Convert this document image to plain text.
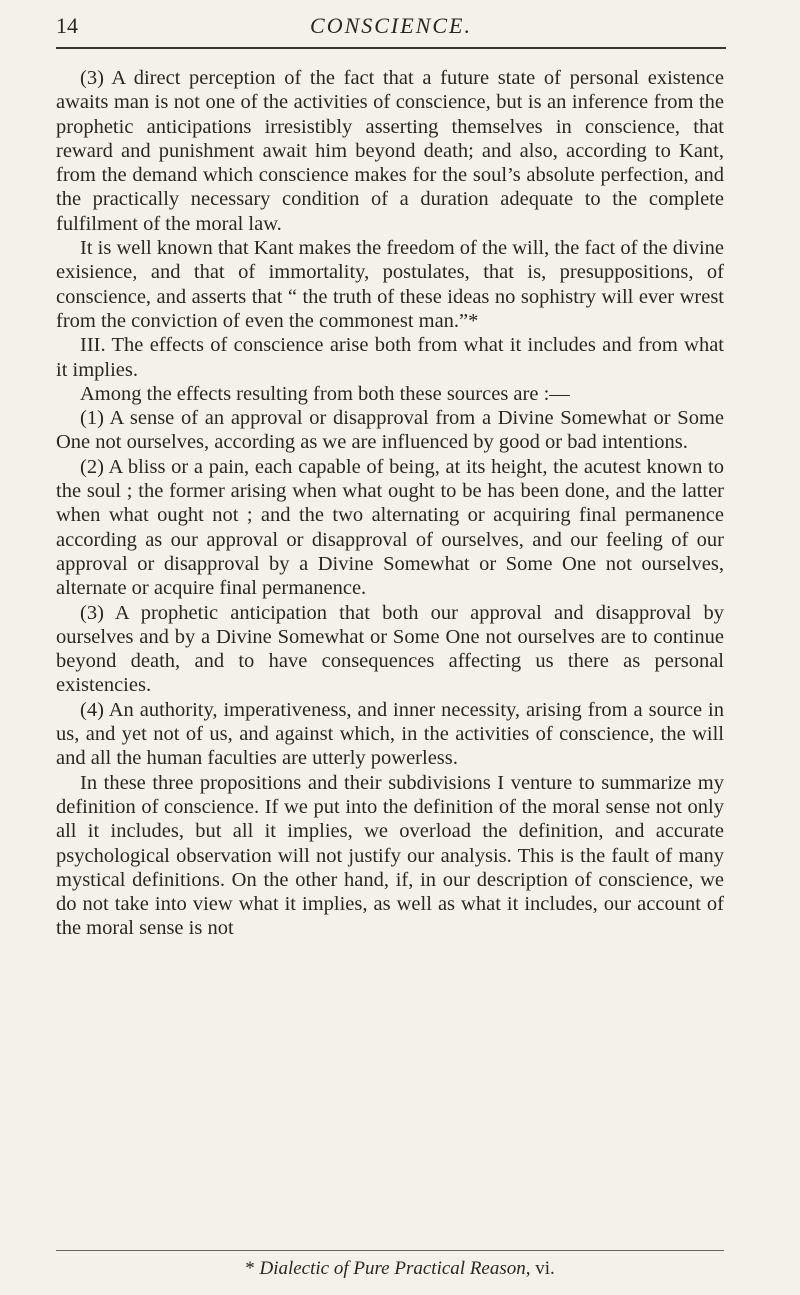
14	CONSCIENCE.

(3) A direct perception of the fact that a future state of personal existence awaits man is not one of the activities of conscience, but is an inference from the prophetic anticipations irresistibly asserting themselves in conscience, that reward and punishment await him beyond death; and also, according to Kant, from the demand which conscience makes for the soul’s absolute perfection, and the practically necessary condition of a duration adequate to the complete fulfilment of the moral law.

It is well known that Kant makes the freedom of the will, the fact of the divine exisience, and that of immortality, postulates, that is, presuppositions, of conscience, and asserts that “ the truth of these ideas no sophistry will ever wrest from the conviction of even the commonest man.”*

III. The effects of conscience arise both from what it includes and from what it implies.

Among the effects resulting from both these sources are :—

(1) A sense of an approval or disapproval from a Divine Somewhat or Some One not ourselves, according as we are influenced by good or bad intentions.

(2) A bliss or a pain, each capable of being, at its height, the acutest known to the soul ; the former arising when what ought to be has been done, and the latter when what ought not ; and the two alternating or acquiring final permanence according as our approval or disapproval of ourselves, and our feeling of our approval or disapproval by a Divine Somewhat or Some One not ourselves, alternate or acquire final permanence.

(3) A prophetic anticipation that both our approval and disapproval by ourselves and by a Divine Somewhat or Some One not ourselves are to continue beyond death, and to have consequences affecting us there as personal existencies.

(4) An authority, imperativeness, and inner necessity, arising from a source in us, and yet not of us, and against which, in the activities of conscience, the will and all the human faculties are utterly powerless.

In these three propositions and their subdivisions I venture to summarize my definition of conscience. If we put into the definition of the moral sense not only all it includes, but all it implies, we overload the definition, and accurate psychological observation will not justify our analysis. This is the fault of many mystical definitions. On the other hand, if, in our description of conscience, we do not take into view what it implies, as well as what it includes, our account of the moral sense is not

* Dialectic of Pure Practical Reason, vi.
